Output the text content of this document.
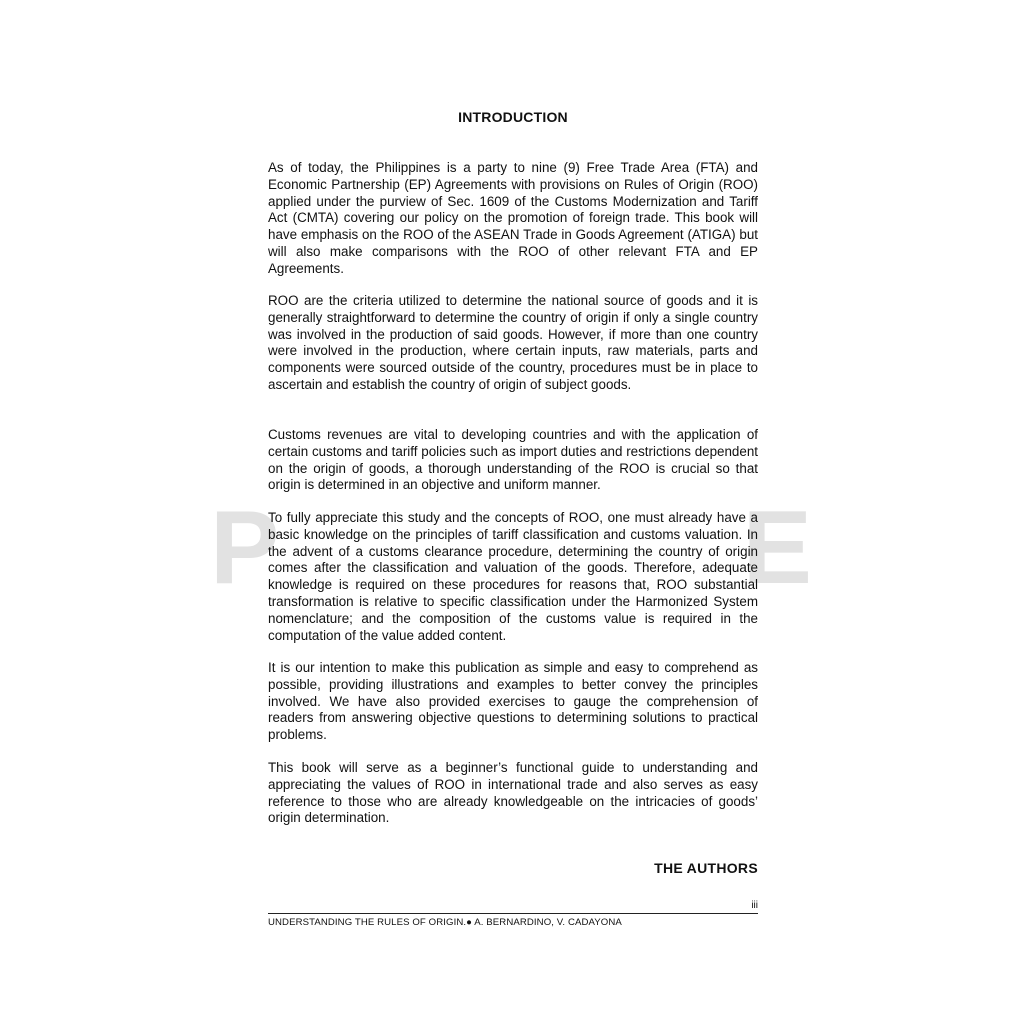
P	E
INTRODUCTION

As of today, the Philippines is a party to nine (9) Free Trade Area (FTA) and Economic Partnership (EP) Agreements with provisions on Rules of Origin (ROO) applied under the purview of Sec. 1609 of the Customs Modernization and Tariff Act (CMTA) covering our policy on the promotion of foreign trade. This book will have emphasis on the ROO of the ASEAN Trade in Goods Agreement (ATIGA) but will also make comparisons with the ROO of other relevant FTA and EP Agreements.

ROO are the criteria utilized to determine the national source of goods and it is generally straightforward to determine the country of origin if only a single country was involved in the production of said goods. However, if more than one country were involved in the production, where certain inputs, raw materials, parts and components were sourced outside of the country, procedures must be in place to ascertain and establish the country of origin of subject goods.

Customs revenues are vital to developing countries and with the application of certain customs and tariff policies such as import duties and restrictions dependent on the origin of goods, a thorough understanding of the ROO is crucial so that origin is determined in an objective and uniform manner.

To fully appreciate this study and the concepts of ROO, one must already have a basic knowledge on the principles of tariff classification and customs valuation. In the advent of a customs clearance procedure, determining the country of origin comes after the classification and valuation of the goods. Therefore, adequate knowledge is required on these procedures for reasons that, ROO substantial transformation is relative to specific classification under the Harmonized System nomenclature; and the composition of the customs value is required in the computation of the value added content.

It is our intention to make this publication as simple and easy to comprehend as possible, providing illustrations and examples to better convey the principles involved. We have also provided exercises to gauge the comprehension of readers from answering objective questions to determining solutions to practical problems.

This book will serve as a beginner’s functional guide to understanding and appreciating the values of ROO in international trade and also serves as easy reference to those who are already knowledgeable on the intricacies of goods’ origin determination.

THE AUTHORS
iii
UNDERSTANDING THE RULES OF ORIGIN.● A. BERNARDINO, V. CADAYONA
